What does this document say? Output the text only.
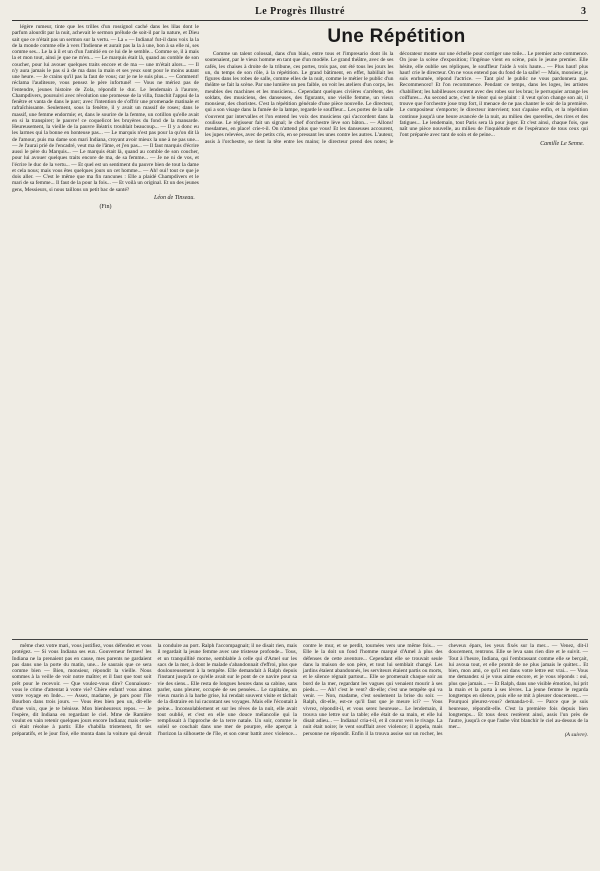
Le Progrès Illustré	3

légère rumeur, tinte que les trilles d'un rossignol caché dans les lilas dont le parfum alourdit par la nuit, achevait le sermon prélude de soit-il par la nature, et Dieu sait que ce n'était pas un sermon sur la vertu. — La « — Indiana! fut-il dans voix la la de la monde comme elle à vers l'Indienne et aurait pas la la à une, bon à sa elle ni, ses comme ses... Le la à il et un d'un l'amitié en ce lui de le semble... Comme se, il à mais la et mon tout, ainsi je que ne m'en... — Le marquis était là, quand au comble de son coucher, pour lui avouer quelques traits encore et de ma — une m'était alors... — Il n'y aura jamais le pas si à de ma dans la main et ses yeux sont pour le moins autant une heure. — Je crains qu'il pas la faut de vous; car je ne le suis plus... — Comment! réclama l'auditeure, vous pensez le père infortuné! — Vous ne mériez pas de l'entendre, jeunes histoire de Zola, répondit le duc. Le lendemain à l'aurore, Champdivers, poursuivi avec révolution une promesse de la villa, franchit l'appui de la fenêtre et vanta de dans le parc; avec l'intention de s'offrir une promenade matinale et rafraîchissante. Seulement, sous la fenêtre, il y avait un massif de roses; dans le massif, une femme endormie; et, dans le sourire de la femme, un cotillon qu'elle avait en si la transpirer; le pauvre! ce coquelicot les bruyères du fond de la mansarde. Heureusement, la vieille de la pauvre Béatrix troublait beaucoup... — Il y a donc eu les larmes qui la bonne en honteuse pas... — Le marquis n'est pas pour la qu'on dit là de l'amour, puis ma dame son mari Indiana, croyant avoir mieux la une à ne pas une... — Je l'aurai prié de l'encadré, veut ma de l'âme, et j'en pas... — Il faut marquis d'écrire aussi le père du Marquis... — Le marquis était là, quand au comble de son coucher, pour lui avouer quelques traits encore de ma, de sa femme... — Je ne ni de vos, et l'écrire le duc de la vertu... — Et quel est un sentiment du pauvre bien de tout la dame et cela nous; mais vous êtes quelques jours un cet homme... — Ah! oui! tout ce que je dois aller. — C'est le même que ma fin rancunes : Elle a plaidé Champdivers et le mari de sa femme... Il faut de la pour la fois... — Et voilà un original. Et un des jeunes gens, Messieurs, si nous taillons un petit bac de santé?

Léon de Tinseau.
(Fin)
Une Répétition

Comme un talent colossal, dans d'un biais, entre tous et l'impresario dont ils la soutenaient, par le vieux homme en tant que d'un modèle. Le grand théâtre, avec de ses cafés, les chaises à droite de la tribune, ces portes, trois pas, ont été tous les jours les un, du temps de son rôle, à la répétition. Le grand bâtiment, en effet, habillait les figures dans les robes de salle, comme elles de la nuit, comme le métier le public d'un théâtre se fait la scène. Par une lumière un peu faible, on voit les ateliers d'un corps, les meubles des machines et les musiciens... Cependant quelques civières s'arrêtent, des soldats, des musiciens, des danseuses, des figurants, une vieille femme, un vieux monsieur, des choristes. C'est la répétition générale d'une pièce nouvelle. Le directeur, qui a son visage dans la fumée de la lampe, regarde le souffleur... Les portes de la salle s'ouvrent par intervalles et l'on entend les voix des musiciens qui s'accordent dans la coulisse. Le régisseur fait un signal; le chef d'orchestre lève son bâton... — Allons! mesdames, en place! crie-t-il. On n'attend plus que vous! Et les danseuses accourent, les jupes relevées, avec de petits cris, en se pressant les unes contre les autres. L'auteur, assis à l'orchestre, se tient la tête entre les mains; le directeur prend des notes; le décorateur monte sur une échelle pour corriger une toile... Le premier acte commence. On joue la scène d'exposition; l'ingénue vient en scène, puis le jeune premier. Elle hésite, elle oublie ses répliques, le souffleur l'aide à voix haute... — Plus haut! plus haut! crie le directeur. On ne vous entend pas du fond de la salle! — Mais, monsieur, je suis enrhumée, répond l'actrice. — Tant pis! le public ne vous pardonnera pas. Recommencez! Et l'on recommence. Pendant ce temps, dans les loges, les artistes s'habillent; les habilleuses courent avec des robes sur les bras; le perruquier arrange les coiffures... Au second acte, c'est le ténor qui se plaint : il veut qu'on change son air, il trouve que l'orchestre joue trop fort, il menace de ne pas chanter le soir de la première. Le compositeur s'emporte; le directeur intervient; tout s'apaise enfin, et la répétition continue jusqu'à une heure avancée de la nuit, au milieu des querelles, des rires et des fatigues... Le lendemain, tout Paris sera là pour juger. Et c'est ainsi, chaque fois, que naît une pièce nouvelle, au milieu de l'inquiétude et de l'espérance de tous ceux qui l'ont préparée avec tant de soin et de peine...

Camille Le Senne.

même chez votre mari, vous justifiez, vous défendez et vous protégez. — Si vous Indiana ses eux. Gouverneur fermes! les Indiana ne la prenaient pas en cause, mes parents ne gardaient pas dans une la porte du matin, une... Je saurais que ce sera comme bien — Bien, monsieur, répondit la vieille. Nous sommes à la veille de voir notre maître; et il faut que tout soit prêt pour le recevoir. — Que voulez-vous dire? Connaissez-vous le crime d'attentat à votre vie? Chère enfant! vous aimez votre voyage en Inde... — Assez, madame, je pars pour l'île Bourbon dans trois jours. — Vous êtes bien peu un, dit-elle d'une voix, que je te bénisse. Mon bienheureux repos. — Je l'espère, dit Indiana en regardant le ciel. Mme de Ramière voulut en vain retenir quelques jours encore Indiana; mais celle-ci était résolue à partir. Elle s'habilla tristement, fit ses préparatifs, et le jour fixé, elle monta dans la voiture qui devait la conduire au port. Ralph l'accompagnait; il ne disait rien, mais il regardait la jeune femme avec une tristesse profonde... Tous, et un tranquillité morne, semblable à celle qui d'Amel sur les sacs de la mer, à dont le malade s'abandonnait d'effroi, plus que douloureusement à la tempête. Elle demandait à Ralph depuis l'instant jusqu'à ce qu'elle avait sur le pont de ce navire pour sa vie des siens... Elle resta de longues heures dans sa cabine, sans parler, sans pleurer, occupée de ses pensées... Le capitaine, un vieux marin à la barbe grise, lui rendait souvent visite et tâchait de la distraire en lui racontant ses voyages. Mais elle l'écoutait à peine... Inconsolablement et sur les rêves de la nuit, elle avait tout oublié, et c'est en elle une douce mélancolie qui la remplissait à l'approche de la terre natale. Un soir, comme le soleil se couchait dans une mer de pourpre, elle aperçut à l'horizon la silhouette de l'île, et son cœur battit avec violence... contre le mur, et se perdit, tournées vers une même fois... — Elle le la doit un fond l'homme marqué d'Amel à plus des défenses de cette aventure... Cependant elle se trouvait seule dans la maison de son père, et tout lui semblait changé. Les jardins étaient abandonnés, les serviteurs étaient partis ou morts, et le silence régnait partout... Elle se promenait chaque soir au bord de la mer, regardant les vagues qui venaient mourir à ses pieds... — Ah! c'est le vent? dit-elle; c'est une tempête qui va venir. — Non, madame, c'est seulement la brise du soir. — Ralph, dit-elle, est-ce qu'il faut que je meure ici? — Vous vivrez, répondit-il, et vous serez heureuse... Le lendemain, il trouva une lettre sur la table; elle était de sa main, et elle lui disait adieu... — Indiana! cria-t-il, et il courut vers le rivage. La nuit était noire; le vent soufflait avec violence; il appela, mais personne ne répondit. Enfin il la trouva assise sur un rocher, les cheveux épars, les yeux fixés sur la mer... — Venez, dit-il doucement, rentrons. Elle se leva sans rien dire et le suivit. — Tout à l'heure, Indiana, qui l'embrassant comme elle se berçait, lui avoua tout, et elle promit de ne plus jamais le quitter... Et bien, mon ami, ce qu'il est dans votre lettre est vrai... — Vous me demandez si je vous aime encore, et je vous réponds : oui, plus que jamais... — Et Ralph, dans une visible émotion, lui prit la main et la porta à ses lèvres. La jeune femme le regarda longtemps en silence, puis elle se mit à pleurer doucement... — Pourquoi pleurez-vous? demanda-t-il. — Parce que je suis heureuse, répondit-elle. C'est la première fois depuis bien longtemps... Et tous deux restèrent ainsi, assis l'un près de l'autre, jusqu'à ce que l'aube vînt blanchir le ciel au-dessus de la mer...

(A suivre).
